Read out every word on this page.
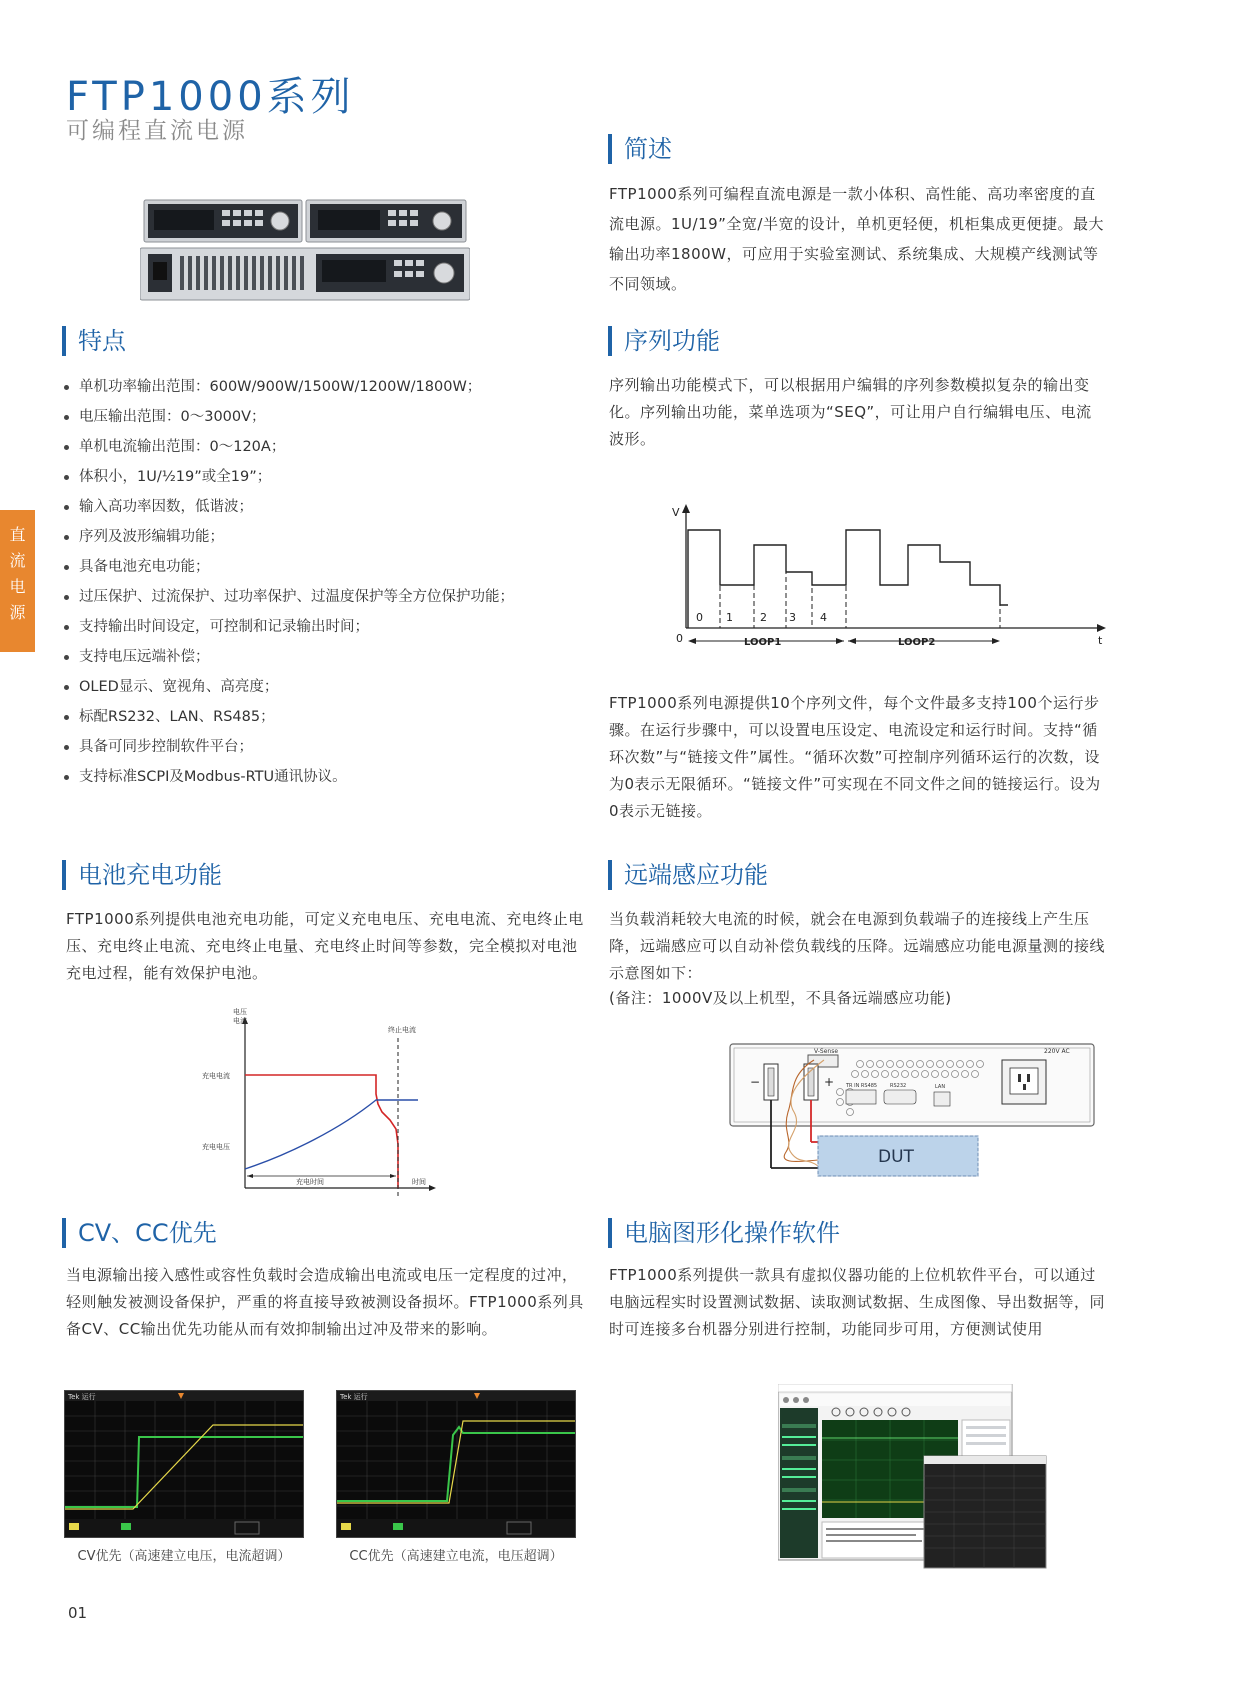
FTP1000系列
可编程直流电源
直
流
电
源
简述
FTP1000系列可编程直流电源是一款小体积、高性能、高功率密度的直流电源。1U/19”全宽/半宽的设计，单机更轻便，机柜集成更便捷。最大输出功率1800W，可应用于实验室测试、系统集成、大规模产线测试等不同领域。
特点
单机功率输出范围：600W/900W/1500W/1200W/1800W；
电压输出范围：0～3000V；
单机电流输出范围：0～120A；
体积小，1U/½19”或全19”；
输入高功率因数，低谐波；
序列及波形编辑功能；
具备电池充电功能；
过压保护、过流保护、过功率保护、过温度保护等全方位保护功能；
支持输出时间设定，可控制和记录输出时间；
支持电压远端补偿；
OLED显示、宽视角、高亮度；
标配RS232、LAN、RS485；
具备可同步控制软件平台；
支持标准SCPI及Modbus-RTU通讯协议。
序列功能
序列输出功能模式下，可以根据用户编辑的序列参数模拟复杂的输出变化。序列输出功能，菜单选项为“SEQ”，可让用户自行编辑电压、电流波形。
V
t
0
0 1 2 3 4
LOOP1	LOOP2
FTP1000系列电源提供10个序列文件，每个文件最多支持100个运行步骤。在运行步骤中，可以设置电压设定、电流设定和运行时间。支持“循环次数”与“链接文件”属性。“循环次数”可控制序列循环运行的次数，设为0表示无限循环。“链接文件”可实现在不同文件之间的链接运行。设为0表示无链接。
电池充电功能
FTP1000系列提供电池充电功能，可定义充电电压、充电电流、充电终止电压、充电终止电流、充电终止电量、充电终止时间等参数，完全模拟对电池充电过程，能有效保护电池。
电压
电流
充电电流
充电电压
终止电流
充电时间	时间
远端感应功能
当负载消耗较大电流的时候，就会在电源到负载端子的连接线上产生压降，远端感应可以自动补偿负载线的压降。远端感应功能电源量测的接线示意图如下：
(备注：1000V及以上机型，不具备远端感应功能)
V-Sense	220V AC
−	+ TR IN RS485	RS232	LAN
DUT
CV、CC优先
当电源输出接入感性或容性负载时会造成输出电流或电压一定程度的过冲，轻则触发被测设备保护，严重的将直接导致被测设备损坏。FTP1000系列具备CV、CC输出优先功能从而有效抑制输出过冲及带来的影响。
Tek 运行
CV优先（高速建立电压，电流超调）
Tek 运行
CC优先（高速建立电流，电压超调）
电脑图形化操作软件
FTP1000系列提供一款具有虚拟仪器功能的上位机软件平台，可以通过电脑远程实时设置测试数据、读取测试数据、生成图像、导出数据等，同时可连接多台机器分别进行控制，功能同步可用，方便测试使用
01
